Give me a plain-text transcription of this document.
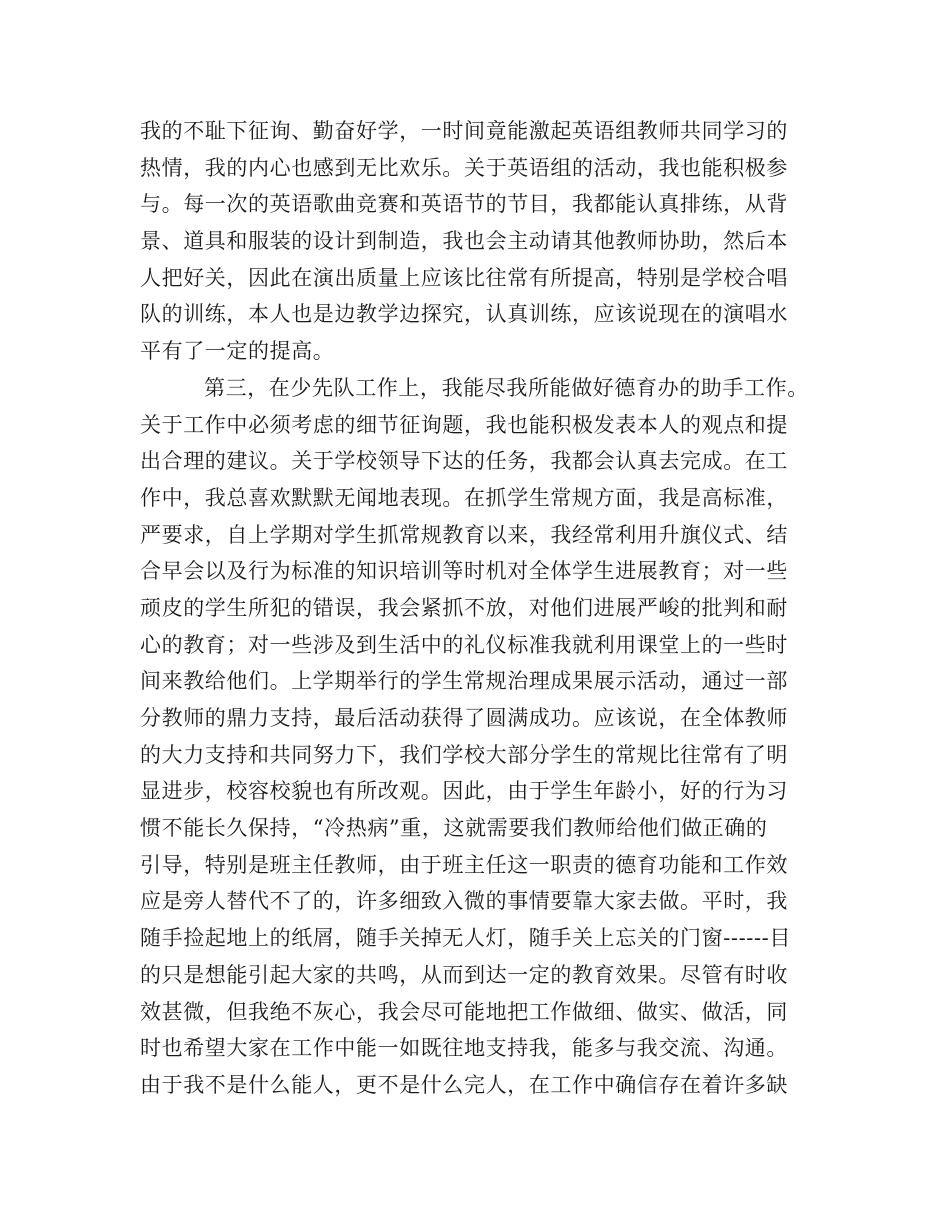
我的不耻下征询、勤奋好学，一时间竟能激起英语组教师共同学习的
热情，我的内心也感到无比欢乐。关于英语组的活动，我也能积极参
与。每一次的英语歌曲竞赛和英语节的节目，我都能认真排练，从背
景、道具和服装的设计到制造，我也会主动请其他教师协助，然后本
人把好关，因此在演出质量上应该比往常有所提高，特别是学校合唱
队的训练，本人也是边教学边探究，认真训练，应该说现在的演唱水
平有了一定的提高。
第三，在少先队工作上，我能尽我所能做好德育办的助手工作。
关于工作中必须考虑的细节征询题，我也能积极发表本人的观点和提
出合理的建议。关于学校领导下达的任务，我都会认真去完成。在工
作中，我总喜欢默默无闻地表现。在抓学生常规方面，我是高标准，
严要求，自上学期对学生抓常规教育以来，我经常利用升旗仪式、结
合早会以及行为标准的知识培训等时机对全体学生进展教育；对一些
顽皮的学生所犯的错误，我会紧抓不放，对他们进展严峻的批判和耐
心的教育；对一些涉及到生活中的礼仪标准我就利用课堂上的一些时
间来教给他们。上学期举行的学生常规治理成果展示活动，通过一部
分教师的鼎力支持，最后活动获得了圆满成功。应该说，在全体教师
的大力支持和共同努力下，我们学校大部分学生的常规比往常有了明
显进步，校容校貌也有所改观。因此，由于学生年龄小，好的行为习
惯不能长久保持，“冷热病”重，这就需要我们教师给他们做正确的
引导，特别是班主任教师，由于班主任这一职责的德育功能和工作效
应是旁人替代不了的，许多细致入微的事情要靠大家去做。平时，我
随手捡起地上的纸屑，随手关掉无人灯，随手关上忘关的门窗------目
的只是想能引起大家的共鸣，从而到达一定的教育效果。尽管有时收
效甚微，但我绝不灰心，我会尽可能地把工作做细、做实、做活，同
时也希望大家在工作中能一如既往地支持我，能多与我交流、沟通。
由于我不是什么能人，更不是什么完人，在工作中确信存在着许多缺
